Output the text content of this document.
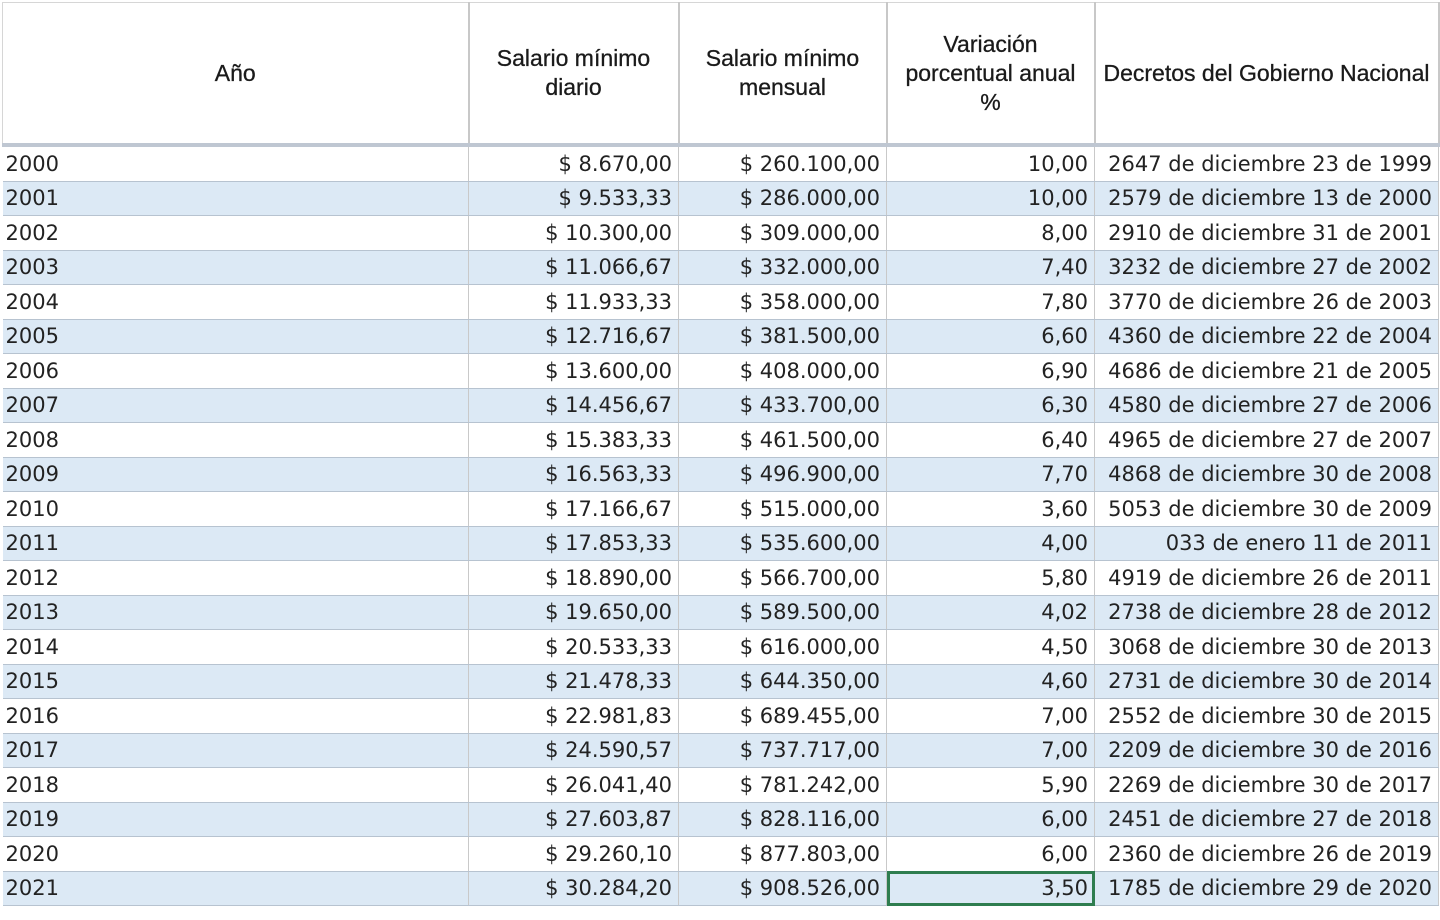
Año	Salario mínimo diario	Salario mínimo mensual	Variación porcentual anual %	Decretos del Gobierno Nacional
2000	$ 8.670,00	$ 260.100,00	10,00	2647 de diciembre 23 de 1999
2001	$ 9.533,33	$ 286.000,00	10,00	2579 de diciembre 13 de 2000
2002	$ 10.300,00	$ 309.000,00	8,00	2910 de diciembre 31 de 2001
2003	$ 11.066,67	$ 332.000,00	7,40	3232 de diciembre 27 de 2002
2004	$ 11.933,33	$ 358.000,00	7,80	3770 de diciembre 26 de 2003
2005	$ 12.716,67	$ 381.500,00	6,60	4360 de diciembre 22 de 2004
2006	$ 13.600,00	$ 408.000,00	6,90	4686 de diciembre 21 de 2005
2007	$ 14.456,67	$ 433.700,00	6,30	4580 de diciembre 27 de 2006
2008	$ 15.383,33	$ 461.500,00	6,40	4965 de diciembre 27 de 2007
2009	$ 16.563,33	$ 496.900,00	7,70	4868 de diciembre 30 de 2008
2010	$ 17.166,67	$ 515.000,00	3,60	5053 de diciembre 30 de 2009
2011	$ 17.853,33	$ 535.600,00	4,00	033 de enero 11 de 2011
2012	$ 18.890,00	$ 566.700,00	5,80	4919 de diciembre 26 de 2011
2013	$ 19.650,00	$ 589.500,00	4,02	2738 de diciembre 28 de 2012
2014	$ 20.533,33	$ 616.000,00	4,50	3068 de diciembre 30 de 2013
2015	$ 21.478,33	$ 644.350,00	4,60	2731 de diciembre 30 de 2014
2016	$ 22.981,83	$ 689.455,00	7,00	2552 de diciembre 30 de 2015
2017	$ 24.590,57	$ 737.717,00	7,00	2209 de diciembre 30 de 2016
2018	$ 26.041,40	$ 781.242,00	5,90	2269 de diciembre 30 de 2017
2019	$ 27.603,87	$ 828.116,00	6,00	2451 de diciembre 27 de 2018
2020	$ 29.260,10	$ 877.803,00	6,00	2360 de diciembre 26 de 2019
2021	$ 30.284,20	$ 908.526,00	3,50	1785 de diciembre 29 de 2020
